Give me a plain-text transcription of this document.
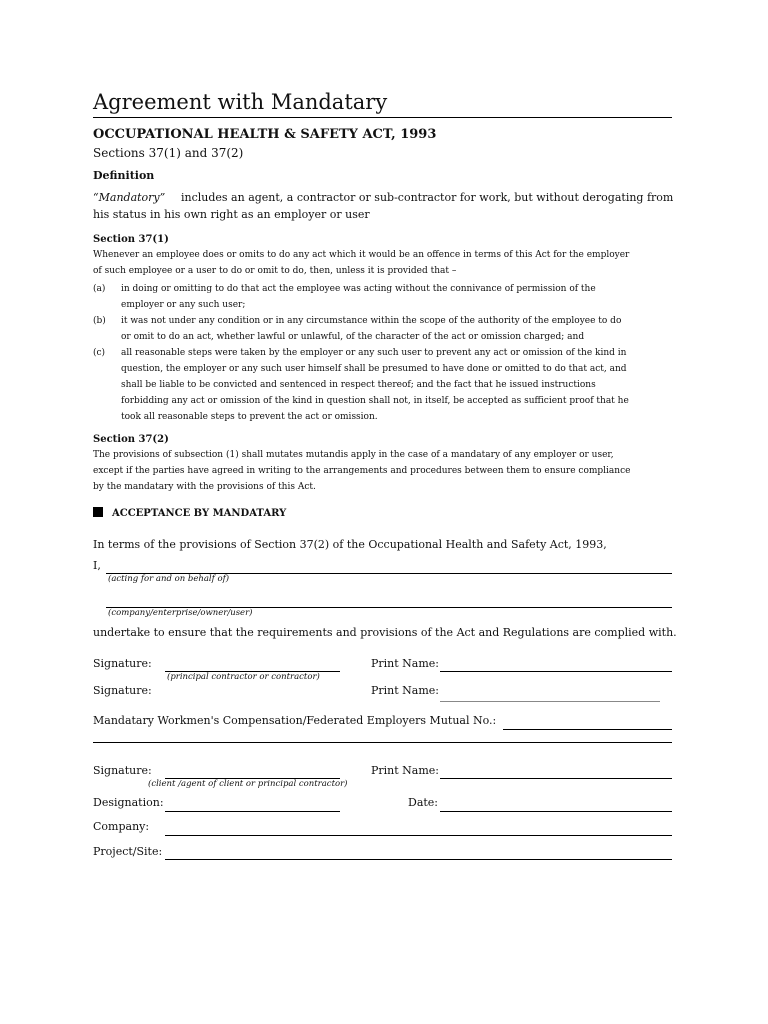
Agreement with Mandatary
OCCUPATIONAL HEALTH & SAFETY ACT, 1993
Sections 37(1) and 37(2)
Definition
“Mandatory” includes an agent, a contractor or sub-contractor for work, but without derogating from
his status in his own right as an employer or user
Section 37(1)
Whenever an employee does or omits to do any act which it would be an offence in terms of this Act for the employer
of such employee or a user to do or omit to do, then, unless it is provided that –
(a) in doing or omitting to do that act the employee was acting without the connivance of permission of the
employer or any such user;
(b) it was not under any condition or in any circumstance within the scope of the authority of the employee to do
or omit to do an act, whether lawful or unlawful, of the character of the act or omission charged; and
(c) all reasonable steps were taken by the employer or any such user to prevent any act or omission of the kind in
question, the employer or any such user himself shall be presumed to have done or omitted to do that act, and
shall be liable to be convicted and sentenced in respect thereof; and the fact that he issued instructions
forbidding any act or omission of the kind in question shall not, in itself, be accepted as sufficient proof that he
took all reasonable steps to prevent the act or omission.
Section 37(2)
The provisions of subsection (1) shall mutates mutandis apply in the case of a mandatary of any employer or user,
except if the parties have agreed in writing to the arrangements and procedures between them to ensure compliance
by the mandatary with the provisions of this Act.
ACCEPTANCE BY MANDATARY
In terms of the provisions of Section 37(2) of the Occupational Health and Safety Act, 1993,
I,
(acting for and on behalf of)
(company/enterprise/owner/user)
undertake to ensure that the requirements and provisions of the Act and Regulations are complied with.
Signature:	Print Name:
(principal contractor or contractor)
Signature:	Print Name:
Mandatary Workmen's Compensation/Federated Employers Mutual No.:
Signature:	Print Name:
(client /agent of client or principal contractor)
Designation:	Date:
Company:
Project/Site:
